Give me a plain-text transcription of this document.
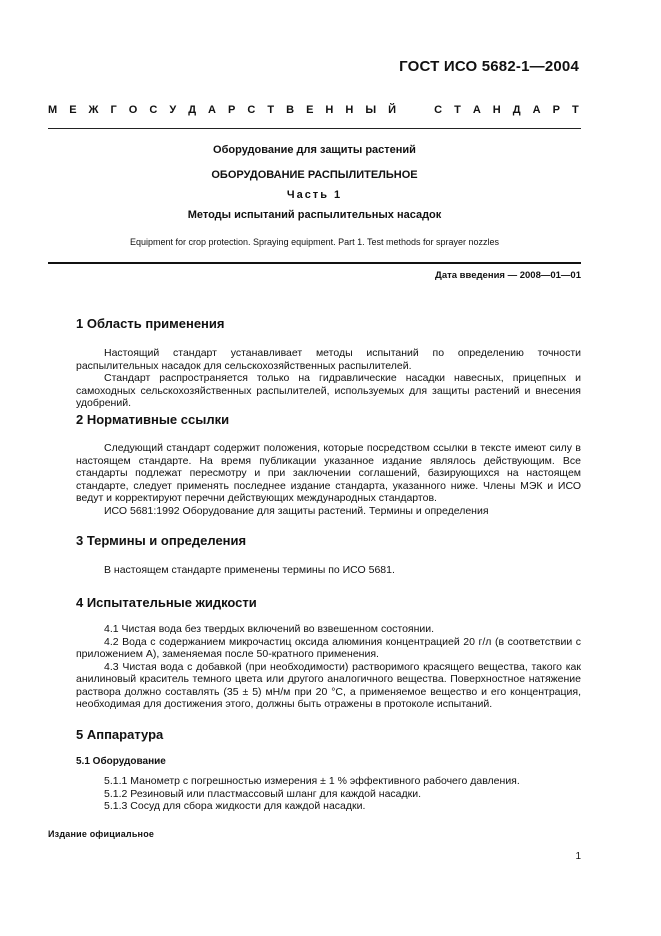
ГОСТ ИСО 5682-1—2004
М Е Ж Г О С У Д А Р С Т В Е Н Н Ы Й	С Т А Н Д А Р Т
Оборудование для защиты растений
ОБОРУДОВАНИЕ РАСПЫЛИТЕЛЬНОЕ
Часть 1
Методы испытаний распылительных насадок
Equipment for crop protection. Spraying equipment. Part 1. Test methods for sprayer nozzles
Дата введения — 2008—01—01
1 Область применения
Настоящий стандарт устанавливает методы испытаний по определению точности распылительных насадок для сельскохозяйственных распылителей.
Стандарт распространяется только на гидравлические насадки навесных, прицепных и самоходных сельскохозяйственных распылителей, используемых для защиты растений и внесения удобрений.
2 Нормативные ссылки
Следующий стандарт содержит положения, которые посредством ссылки в тексте имеют силу в настоящем стандарте. На время публикации указанное издание являлось действующим. Все стандарты подлежат пересмотру и при заключении соглашений, базирующихся на настоящем стандарте, следует применять последнее издание стандарта, указанного ниже. Члены МЭК и ИСО ведут и корректируют перечни действующих международных стандартов.
ИСО 5681:1992 Оборудование для защиты растений. Термины и определения
3 Термины и определения
В настоящем стандарте применены термины по ИСО 5681.
4 Испытательные жидкости
4.1 Чистая вода без твердых включений во взвешенном состоянии.
4.2 Вода с содержанием микрочастиц оксида алюминия концентрацией 20 г/л (в соответствии с приложением А), заменяемая после 50-кратного применения.
4.3 Чистая вода с добавкой (при необходимости) растворимого красящего вещества, такого как анилиновый краситель темного цвета или другого аналогичного вещества. Поверхностное натяжение раствора должно составлять (35 ± 5) мН/м при 20 °С, а применяемое вещество и его концентрация, необходимая для достижения этого, должны быть отражены в протоколе испытаний.
5 Аппаратура
5.1 Оборудование
5.1.1 Манометр с погрешностью измерения ± 1 % эффективного рабочего давления.
5.1.2 Резиновый или пластмассовый шланг для каждой насадки.
5.1.3 Сосуд для сбора жидкости для каждой насадки.
Издание официальное
1
